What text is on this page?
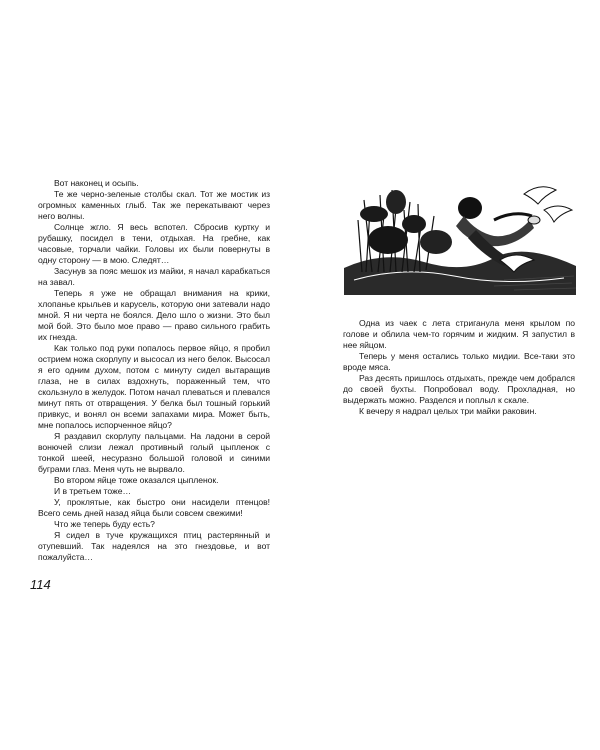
Вот наконец и осыпь.

Те же черно-зеленые столбы скал. Тот же мостик из огромных каменных глыб. Так же перекатывают через него волны.

Солнце жгло. Я весь вспотел. Сбросив куртку и рубашку, посидел в тени, отдыхая. На гребне, как часовые, торчали чайки. Головы их были повернуты в одну сторону — в мою. Следят…

Засунув за пояс мешок из майки, я начал карабкаться на завал.

Теперь я уже не обращал внимания на крики, хлопанье крыльев и карусель, которую они затевали надо мной. Я ни черта не боялся. Дело шло о жизни. Это был мой бой. Это было мое право — право сильного грабить их гнезда.

Как только под руки попалось первое яйцо, я пробил острием ножа скорлупу и высосал из него белок. Высосал я его одним духом, потом с минуту сидел вытаращив глаза, не в силах вздохнуть, пораженный тем, что скользнуло в желудок. Потом начал плеваться и плевался минут пять от отвращения. У белка был тошный горький привкус, и вонял он всеми запахами мира. Может быть, мне попалось испорченное яйцо?

Я раздавил скорлупу пальцами. На ладони в серой вонючей слизи лежал противный голый цыпленок с тонкой шеей, несуразно большой головой и синими буграми глаз. Меня чуть не вырвало.

Во втором яйце тоже оказался цыпленок.

И в третьем тоже…

У, проклятые, как быстро они насидели птенцов! Всего семь дней назад яйца были совсем свежими!

Что же теперь буду есть?

Я сидел в туче кружащихся птиц растерянный и отупевший. Так надеялся на это гнездовье, и вот пожалуйста…

114

Одна из чаек с лета стриганула меня крылом по голове и облила чем-то горячим и жидким. Я запустил в нее яйцом.

Теперь у меня остались только мидии. Все-таки это вроде мяса.

Раз десять пришлось отдыхать, прежде чем добрался до своей бухты. Попробовал воду. Прохладная, но выдержать можно. Разделся и поплыл к скале.

К вечеру я надрал целых три майки раковин.
